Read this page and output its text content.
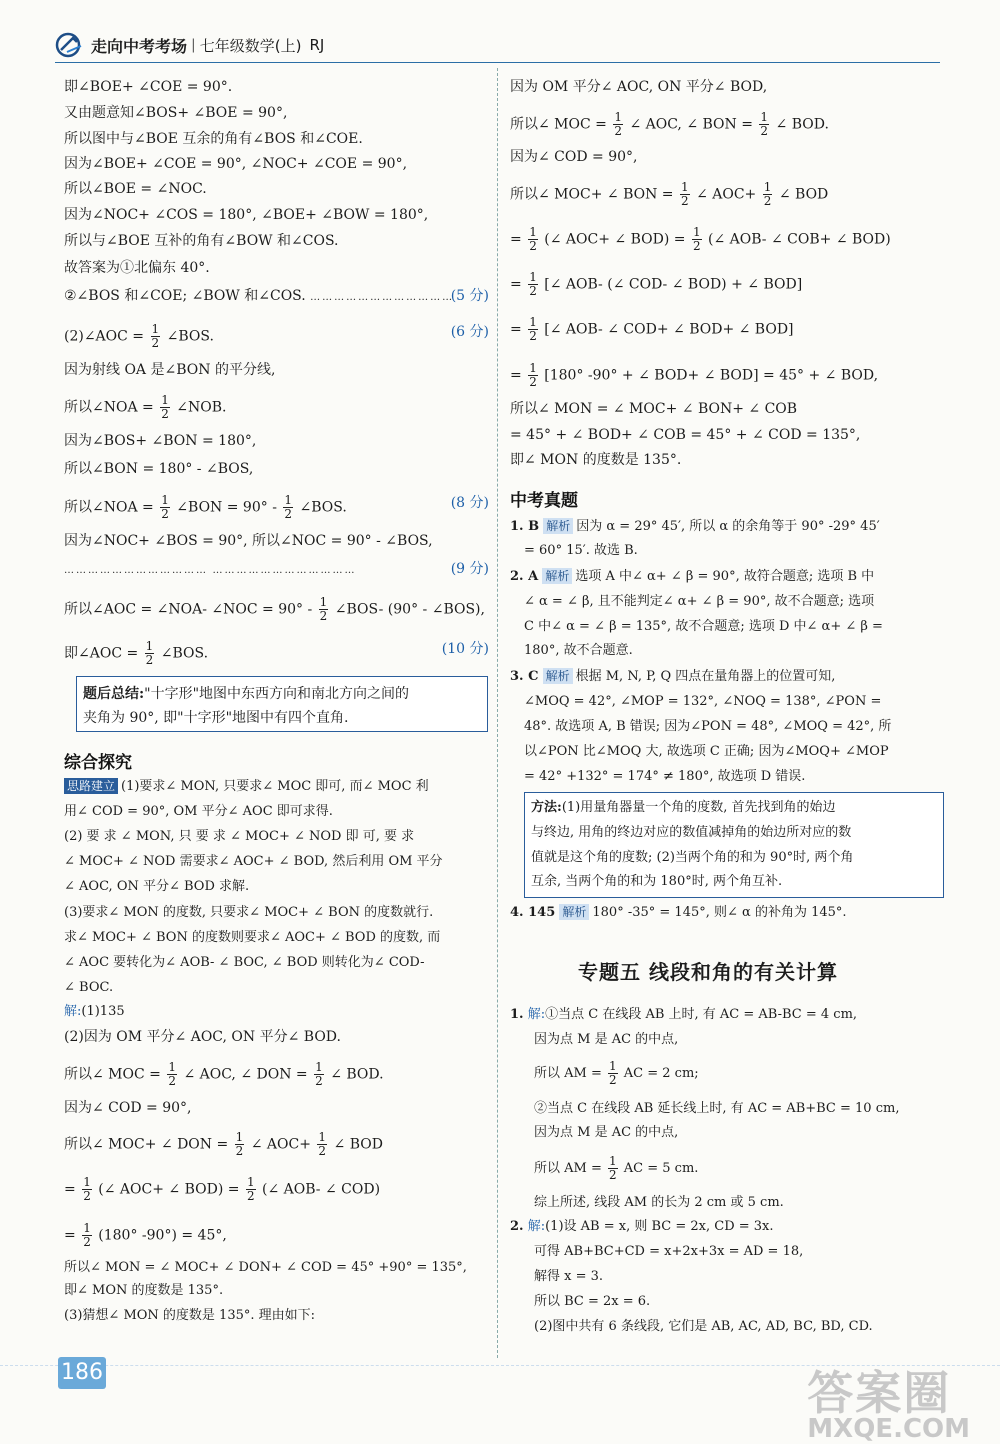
走向中考考场 | 七年级数学(上) RJ
即∠BOE+ ∠COE = 90°.
又由题意知∠BOS+ ∠BOE = 90°,
所以图中与∠BOE 互余的角有∠BOS 和∠COE.
因为∠BOE+ ∠COE = 90°, ∠NOC+ ∠COE = 90°,
所以∠BOE = ∠NOC.
因为∠NOC+ ∠COS = 180°, ∠BOE+ ∠BOW = 180°,
所以与∠BOE 互补的角有∠BOW 和∠COS.
故答案为①北偏东 40°.
②∠BOS 和∠COE; ∠BOW 和∠COS. ………………………………
(5 分)
(2)∠AOC = $\frac{1}{2}$ ∠BOS.	(6 分)
因为射线 OA 是∠BON 的平分线,
所以∠NOA = $\frac{1}{2}$ ∠NOB.
因为∠BOS+ ∠BON = 180°,
所以∠BON = 180° - ∠BOS,
所以∠NOA = $\frac{1}{2}$ ∠BON = $90^\circ - \frac{1}{2}$ ∠BOS.	(8 分)
因为∠NOC+ ∠BOS = 90°, 所以∠NOC = 90° - ∠BOS,
……………………………… ………………………………	(9 分)
所以∠AOC = ∠NOA- ∠NOC = $90^\circ - \frac{1}{2}$ ∠BOS- (90° - ∠BOS),
即∠AOC = $\frac{1}{2}$ ∠BOS.	(10 分)
题后总结:"十字形"地图中东西方向和南北方向之间的
夹角为 90°, 即"十字形"地图中有四个直角.
综合探究
思路建立 (1)要求∠ MON, 只要求∠ MOC 即可, 而∠ MOC 利
用∠ COD = 90°, OM 平分∠ AOC 即可求得.
(2) 要 求 ∠ MON, 只 要 求 ∠ MOC+ ∠ NOD 即 可, 要 求
∠ MOC+ ∠ NOD 需要求∠ AOC+ ∠ BOD, 然后利用 OM 平分
∠ AOC, ON 平分∠ BOD 求解.
(3)要求∠ MON 的度数, 只要求∠ MOC+ ∠ BON 的度数就行.
求∠ MOC+ ∠ BON 的度数则要求∠ AOC+ ∠ BOD 的度数, 而
∠ AOC 要转化为∠ AOB- ∠ BOC, ∠ BOD 则转化为∠ COD-
∠ BOC.
解:(1)135
(2)因为 OM 平分∠ AOC, ON 平分∠ BOD.
所以∠ MOC = $\frac{1}{2}$ ∠ AOC, ∠ DON = $\frac{1}{2}$ ∠ BOD.
因为∠ COD = 90°,
所以∠ MOC+ ∠ DON = $\frac{1}{2}$ ∠ $AOC+ \frac{1}{2}$ ∠ BOD
= $\frac{1}{2}$ (∠ AOC+ ∠ $BOD) = \frac{1}{2}$ (∠ AOB- ∠ COD)
= $\frac{1}{2} (180^\circ$ -90°) = 45°,
所以∠ MON = ∠ MOC+ ∠ DON+ ∠ COD = 45° +90° = 135°,
即∠ MON 的度数是 135°.
(3)猜想∠ MON 的度数是 135°. 理由如下:
因为 OM 平分∠ AOC, ON 平分∠ BOD,
所以∠ MOC = $\frac{1}{2}$ ∠ AOC, ∠ BON = $\frac{1}{2}$ ∠ BOD.
因为∠ COD = 90°,
所以∠ MOC+ ∠ BON = $\frac{1}{2}$ ∠ $AOC+ \frac{1}{2}$ ∠ BOD
= $\frac{1}{2}$ (∠ AOC+ ∠ $BOD) = \frac{1}{2}$ (∠ AOB- ∠ COB+ ∠ BOD)
= $\frac{1}{2}$ [∠ AOB- (∠ COD- ∠ BOD) + ∠ BOD]
= $\frac{1}{2}$ [∠ AOB- ∠ COD+ ∠ BOD+ ∠ BOD]
= $\frac{1}{2} [180^\circ$ -90° + ∠ BOD+ ∠ BOD] = 45° + ∠ BOD,
所以∠ MON = ∠ MOC+ ∠ BON+ ∠ COB
= 45° + ∠ BOD+ ∠ COB = 45° + ∠ COD = 135°,
即∠ MON 的度数是 135°.
中考真题
1. B 解析 因为 α = 29° 45′, 所以 α 的余角等于 90° -29° 45′
= 60° 15′. 故选 B.
2. A 解析 选项 A 中∠ α+ ∠ β = 90°, 故符合题意; 选项 B 中
∠ α = ∠ β, 且不能判定∠ α+ ∠ β = 90°, 故不合题意; 选项
C 中∠ α = ∠ β = 135°, 故不合题意; 选项 D 中∠ α+ ∠ β =
180°, 故不合题意.
3. C 解析 根据 M, N, P, Q 四点在量角器上的位置可知,
∠MOQ = 42°, ∠MOP = 132°, ∠NOQ = 138°, ∠PON =
48°. 故选项 A, B 错误; 因为∠PON = 48°, ∠MOQ = 42°, 所
以∠PON 比∠MOQ 大, 故选项 C 正确; 因为∠MOQ+ ∠MOP
= 42° +132° = 174° ≠ 180°, 故选项 D 错误.
方法:(1)用量角器量一个角的度数, 首先找到角的始边
与终边, 用角的终边对应的数值减掉角的始边所对应的数
值就是这个角的度数; (2)当两个角的和为 90°时, 两个角
互余, 当两个角的和为 180°时, 两个角互补.
4. 145 解析 180° -35° = 145°, 则∠ α 的补角为 145°.
专题五 线段和角的有关计算
1. 解:①当点 C 在线段 AB 上时, 有 AC = AB-BC = 4 cm,
因为点 M 是 AC 的中点,
所以 AM = $\frac{1}{2}$ AC = 2 cm;
②当点 C 在线段 AB 延长线上时, 有 AC = AB+BC = 10 cm,
因为点 M 是 AC 的中点,
所以 AM = $\frac{1}{2}$ AC = 5 cm.
综上所述, 线段 AM 的长为 2 cm 或 5 cm.
2. 解:(1)设 AB = x, 则 BC = 2x, CD = 3x.
可得 AB+BC+CD = x+2x+3x = AD = 18,
解得 x = 3.
所以 BC = 2x = 6.
(2)图中共有 6 条线段, 它们是 AB, AC, AD, BC, BD, CD.
186	答案圈
MXQE.COM
